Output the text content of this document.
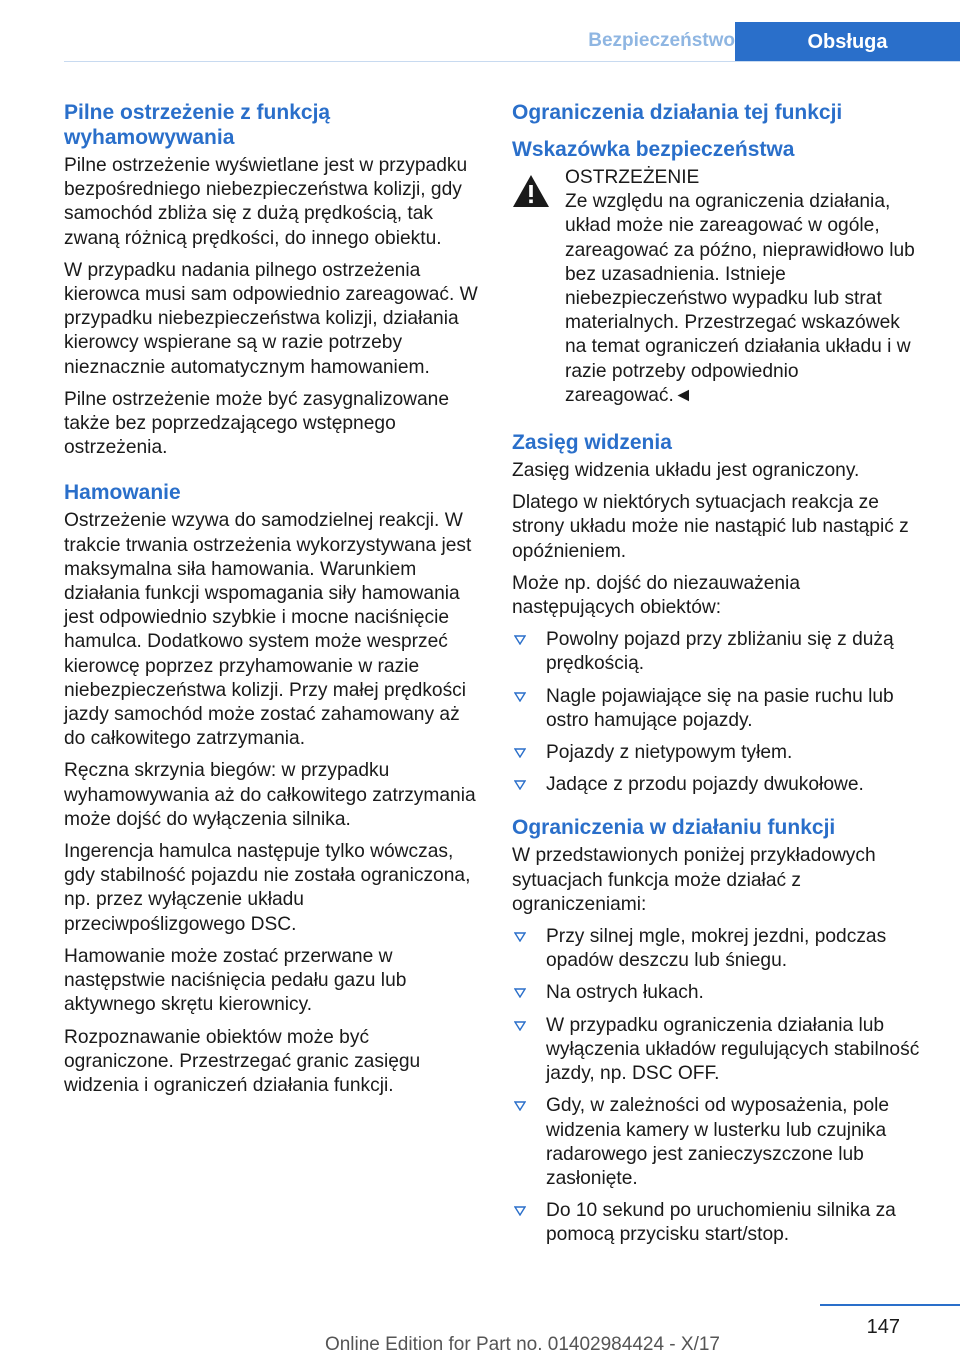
Bezpieczeństwo	Obsługa
Pilne ostrzeżenie z funkcją wyhamowywania

Pilne ostrzeżenie wyświetlane jest w przypadku bezpośredniego niebezpieczeństwa kolizji, gdy samochód zbliża się z dużą prędkością, tak zwaną różnicą prędkości, do innego obiektu.

W przypadku nadania pilnego ostrzeżenia kierowca musi sam odpowiednio zareagować. W przypadku niebezpieczeństwa kolizji, działania kierowcy wspierane są w razie potrzeby nieznacznie automatycznym hamowaniem.

Pilne ostrzeżenie może być zasygnalizowane także bez poprzedzającego wstępnego ostrzeżenia.

Hamowanie

Ostrzeżenie wzywa do samodzielnej reakcji. W trakcie trwania ostrzeżenia wykorzystywana jest maksymalna siła hamowania. Warunkiem działania funkcji wspomagania siły hamowania jest odpowiednio szybkie i mocne naciśnięcie hamulca. Dodatkowo system może wesprzeć kierowcę poprzez przyhamowanie w razie niebezpieczeństwa kolizji. Przy małej prędkości jazdy samochód może zostać zahamowany aż do całkowitego zatrzymania.

Ręczna skrzynia biegów: w przypadku wyhamowywania aż do całkowitego zatrzymania może dojść do wyłączenia silnika.

Ingerencja hamulca następuje tylko wówczas, gdy stabilność pojazdu nie została ograniczona, np. przez wyłączenie układu przeciwpoślizgowego DSC.

Hamowanie może zostać przerwane w następstwie naciśnięcia pedału gazu lub aktywnego skrętu kierownicy.

Rozpoznawanie obiektów może być ograniczone. Przestrzegać granic zasięgu widzenia i ograniczeń działania funkcji.

Ograniczenia działania tej funkcji
Wskazówka bezpieczeństwa
OSTRZEŻENIE
Ze względu na ograniczenia działania, układ może nie zareagować w ogóle, zareagować za późno, nieprawidłowo lub bez uzasadnienia. Istnieje niebezpieczeństwo wypadku lub strat materialnych. Przestrzegać wskazówek na temat ograniczeń działania układu i w razie potrzeby odpowiednio zareagować.◄
Zasięg widzenia

Zasięg widzenia układu jest ograniczony.

Dlatego w niektórych sytuacjach reakcja ze strony układu może nie nastąpić lub nastąpić z opóźnieniem.

Może np. dojść do niezauważenia następujących obiektów:

Powolny pojazd przy zbliżaniu się z dużą prędkością.
Nagle pojawiające się na pasie ruchu lub ostro hamujące pojazdy.
Pojazdy z nietypowym tyłem.
Jadące z przodu pojazdy dwukołowe.
Ograniczenia w działaniu funkcji

W przedstawionych poniżej przykładowych sytuacjach funkcja może działać z ograniczeniami:

Przy silnej mgle, mokrej jezdni, podczas opadów deszczu lub śniegu.
Na ostrych łukach.
W przypadku ograniczenia działania lub wyłączenia układów regulujących stabilność jazdy, np. DSC OFF.
Gdy, w zależności od wyposażenia, pole widzenia kamery w lusterku lub czujnika radarowego jest zanieczyszczone lub zasłonięte.
Do 10 sekund po uruchomieniu silnika za pomocą przycisku start/stop.
147
Online Edition for Part no. 01402984424 - X/17
